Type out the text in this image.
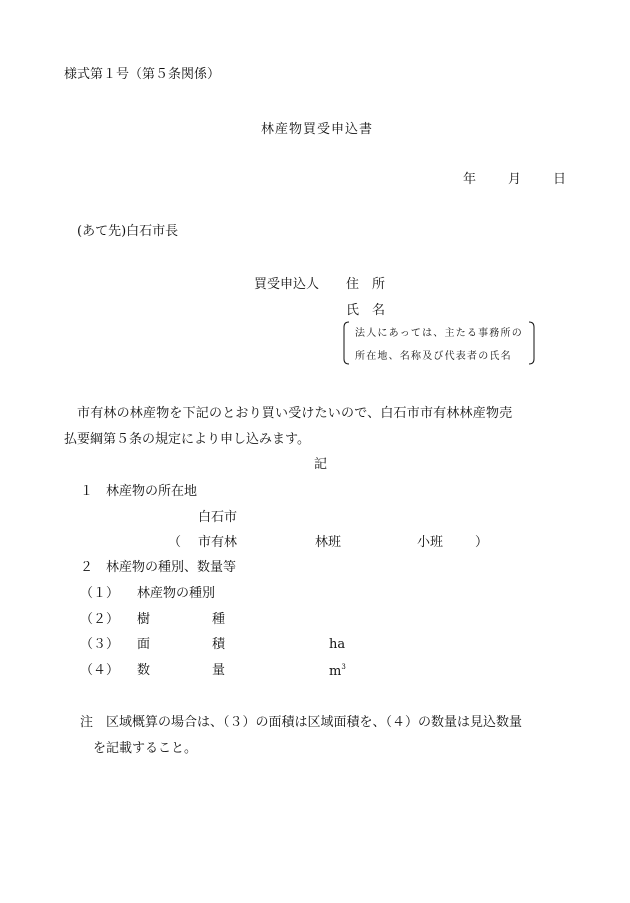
様式第１号（第５条関係）
林産物買受申込書
年 月 日
(あて先)白石市長
買受申込人 住　所
氏　名
法人にあっては、主たる事務所の
所在地、名称及び代表者の氏名
市有林の林産物を下記のとおり買い受けたいので、白石市市有林林産物売
払要綱第５条の規定により申し込みます。
記
１ 林産物の所在地
白石市
（ 市有林	林班	小班 ）
２ 林産物の種別、数量等
（１） 林産物の種別
（２） 樹	種
（３） 面	積	ha
（４） 数	量	$m^3$
注 区域概算の場合は、（３）の面積は区域面積を、（４）の数量は見込数量
を記載すること。
